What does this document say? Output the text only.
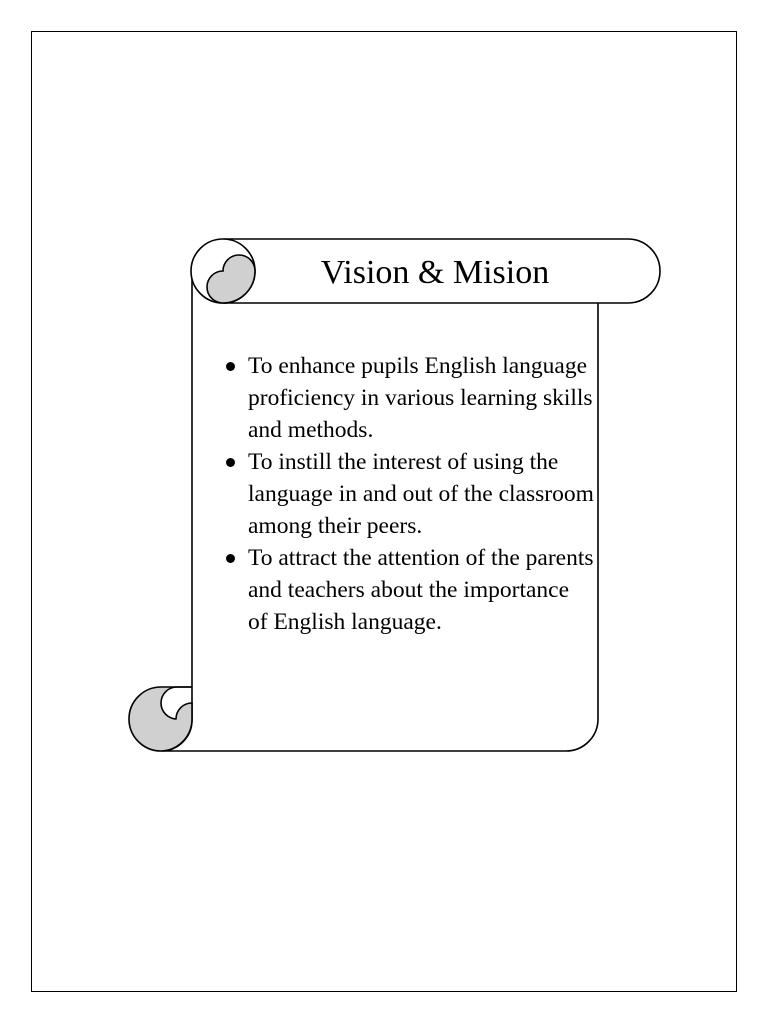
Vision & Mision
To enhance pupils English language proficiency in various learning skills and methods.
To instill the interest of using the language in and out of the classroom among their peers.
To attract the attention of the parents and teachers about the importance of English language.
